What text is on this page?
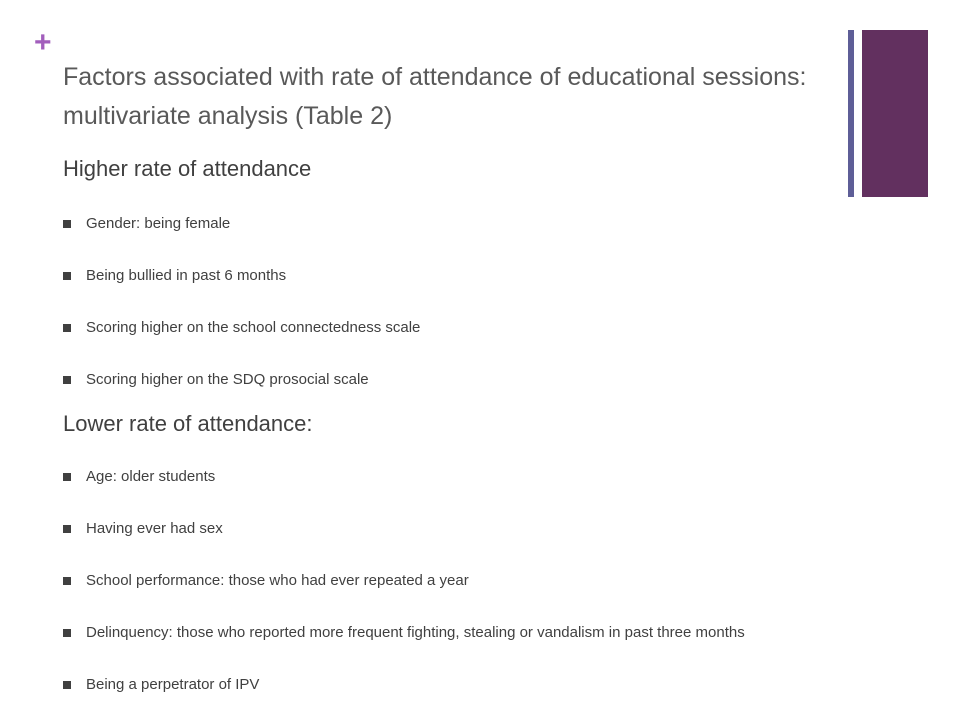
+
Factors associated with rate of attendance of educational sessions: multivariate analysis (Table 2)
Higher rate of attendance
Gender: being female
Being bullied in past 6 months
Scoring higher on the school connectedness scale
Scoring higher on the SDQ prosocial scale
Lower rate of attendance:
Age: older students
Having ever had sex
School performance: those who had ever repeated a year
Delinquency: those who reported more frequent fighting, stealing or vandalism in past three months
Being a perpetrator of IPV
